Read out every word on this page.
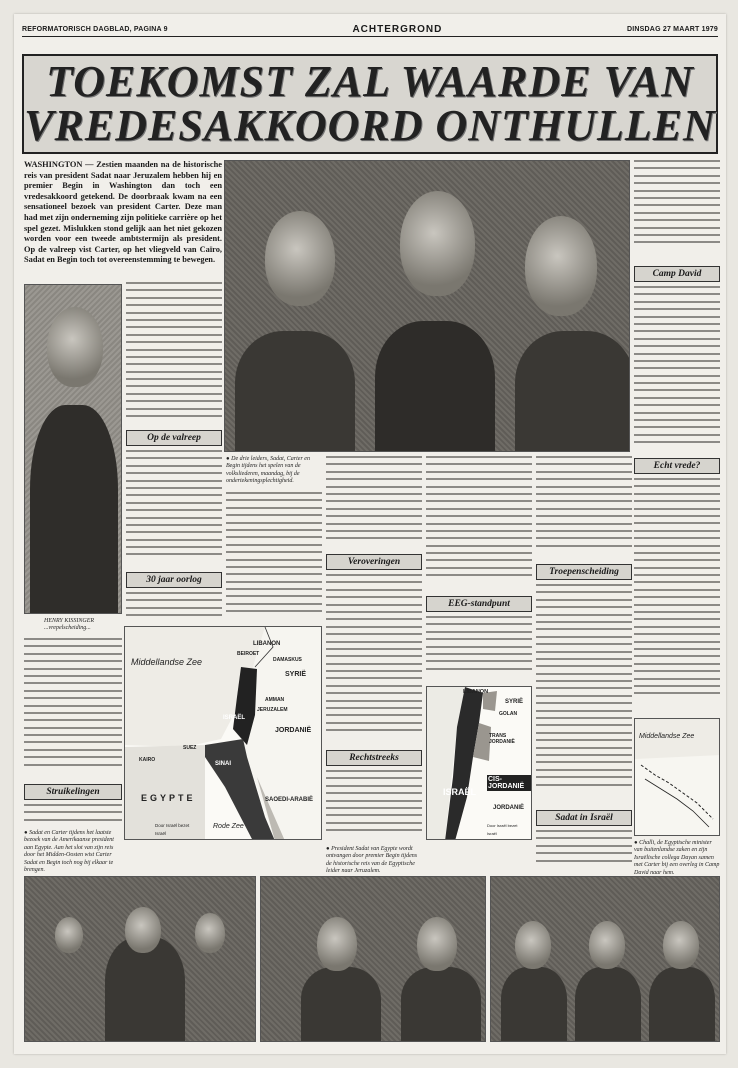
REFORMATORISCH DAGBLAD, PAGINA 9	ACHTERGROND	DINSDAG 27 MAART 1979
TOEKOMST ZAL WAARDE VAN
VREDESAKKOORD ONTHULLEN
WASHINGTON — Zestien maanden na de historische reis van president Sadat naar Jeruzalem hebben hij en premier Begin in Washington dan toch een vredesakkoord getekend. De doorbraak kwam na een sensationeel bezoek van president Carter. Deze man had met zijn onderneming zijn politieke carrière op het spel gezet. Mislukken stond gelijk aan het niet gekozen worden voor een tweede ambtstermijn als president. Op de valreep vist Carter, op het vliegveld van Caïro, Sadat en Begin toch tot overeenstemming te bewegen.
Camp David
HENRY KISSINGER ...vrepelscheiding...
Op de valreep
30 jaar oorlog
● De drie leiders, Sadat, Carter en Begin tijdens het spelen van de volksliederen, maandag, bij de ondertekeningsplechtigheid.
Veroveringen
Rechtstreeks
EEG-standpunt
Troepenscheiding
Sadat in Israël
Echt vrede?
Struikelingen
● Sadat en Carter tijdens het laatste bezoek van de Amerikaanse president aan Egypte. Aan het slot van zijn reis door het Midden-Oosten wist Carter Sadat en Begin toch nog bij elkaar te brengen.
Middellandse Zee
LIBANON
BEIROET
DAMASKUS
SYRIË
ISRAËL
AMMAN
JERUZALEM
JORDANIË
KAIRO
SINAI
SUEZ
EGYPTE	SAOEDI-ARABIË
Rode Zee
Door Israël bezet
Israël
LIBANON
SYRIË
GOLAN
TRANS JORDANIË
ISRAËL
CIS-JORDANIË
JORDANIË
Door Israël bezet
Israël
Middellandse Zee
● Challi, de Egyptische minister van buitenlandse zaken en zijn Israëlische collega Dayan samen met Carter bij een overleg in Camp David naar hem.
● President Sadat van Egypte wordt ontvangen door premier Begin tijdens de historische reis van de Egyptische leider naar Jeruzalem.
